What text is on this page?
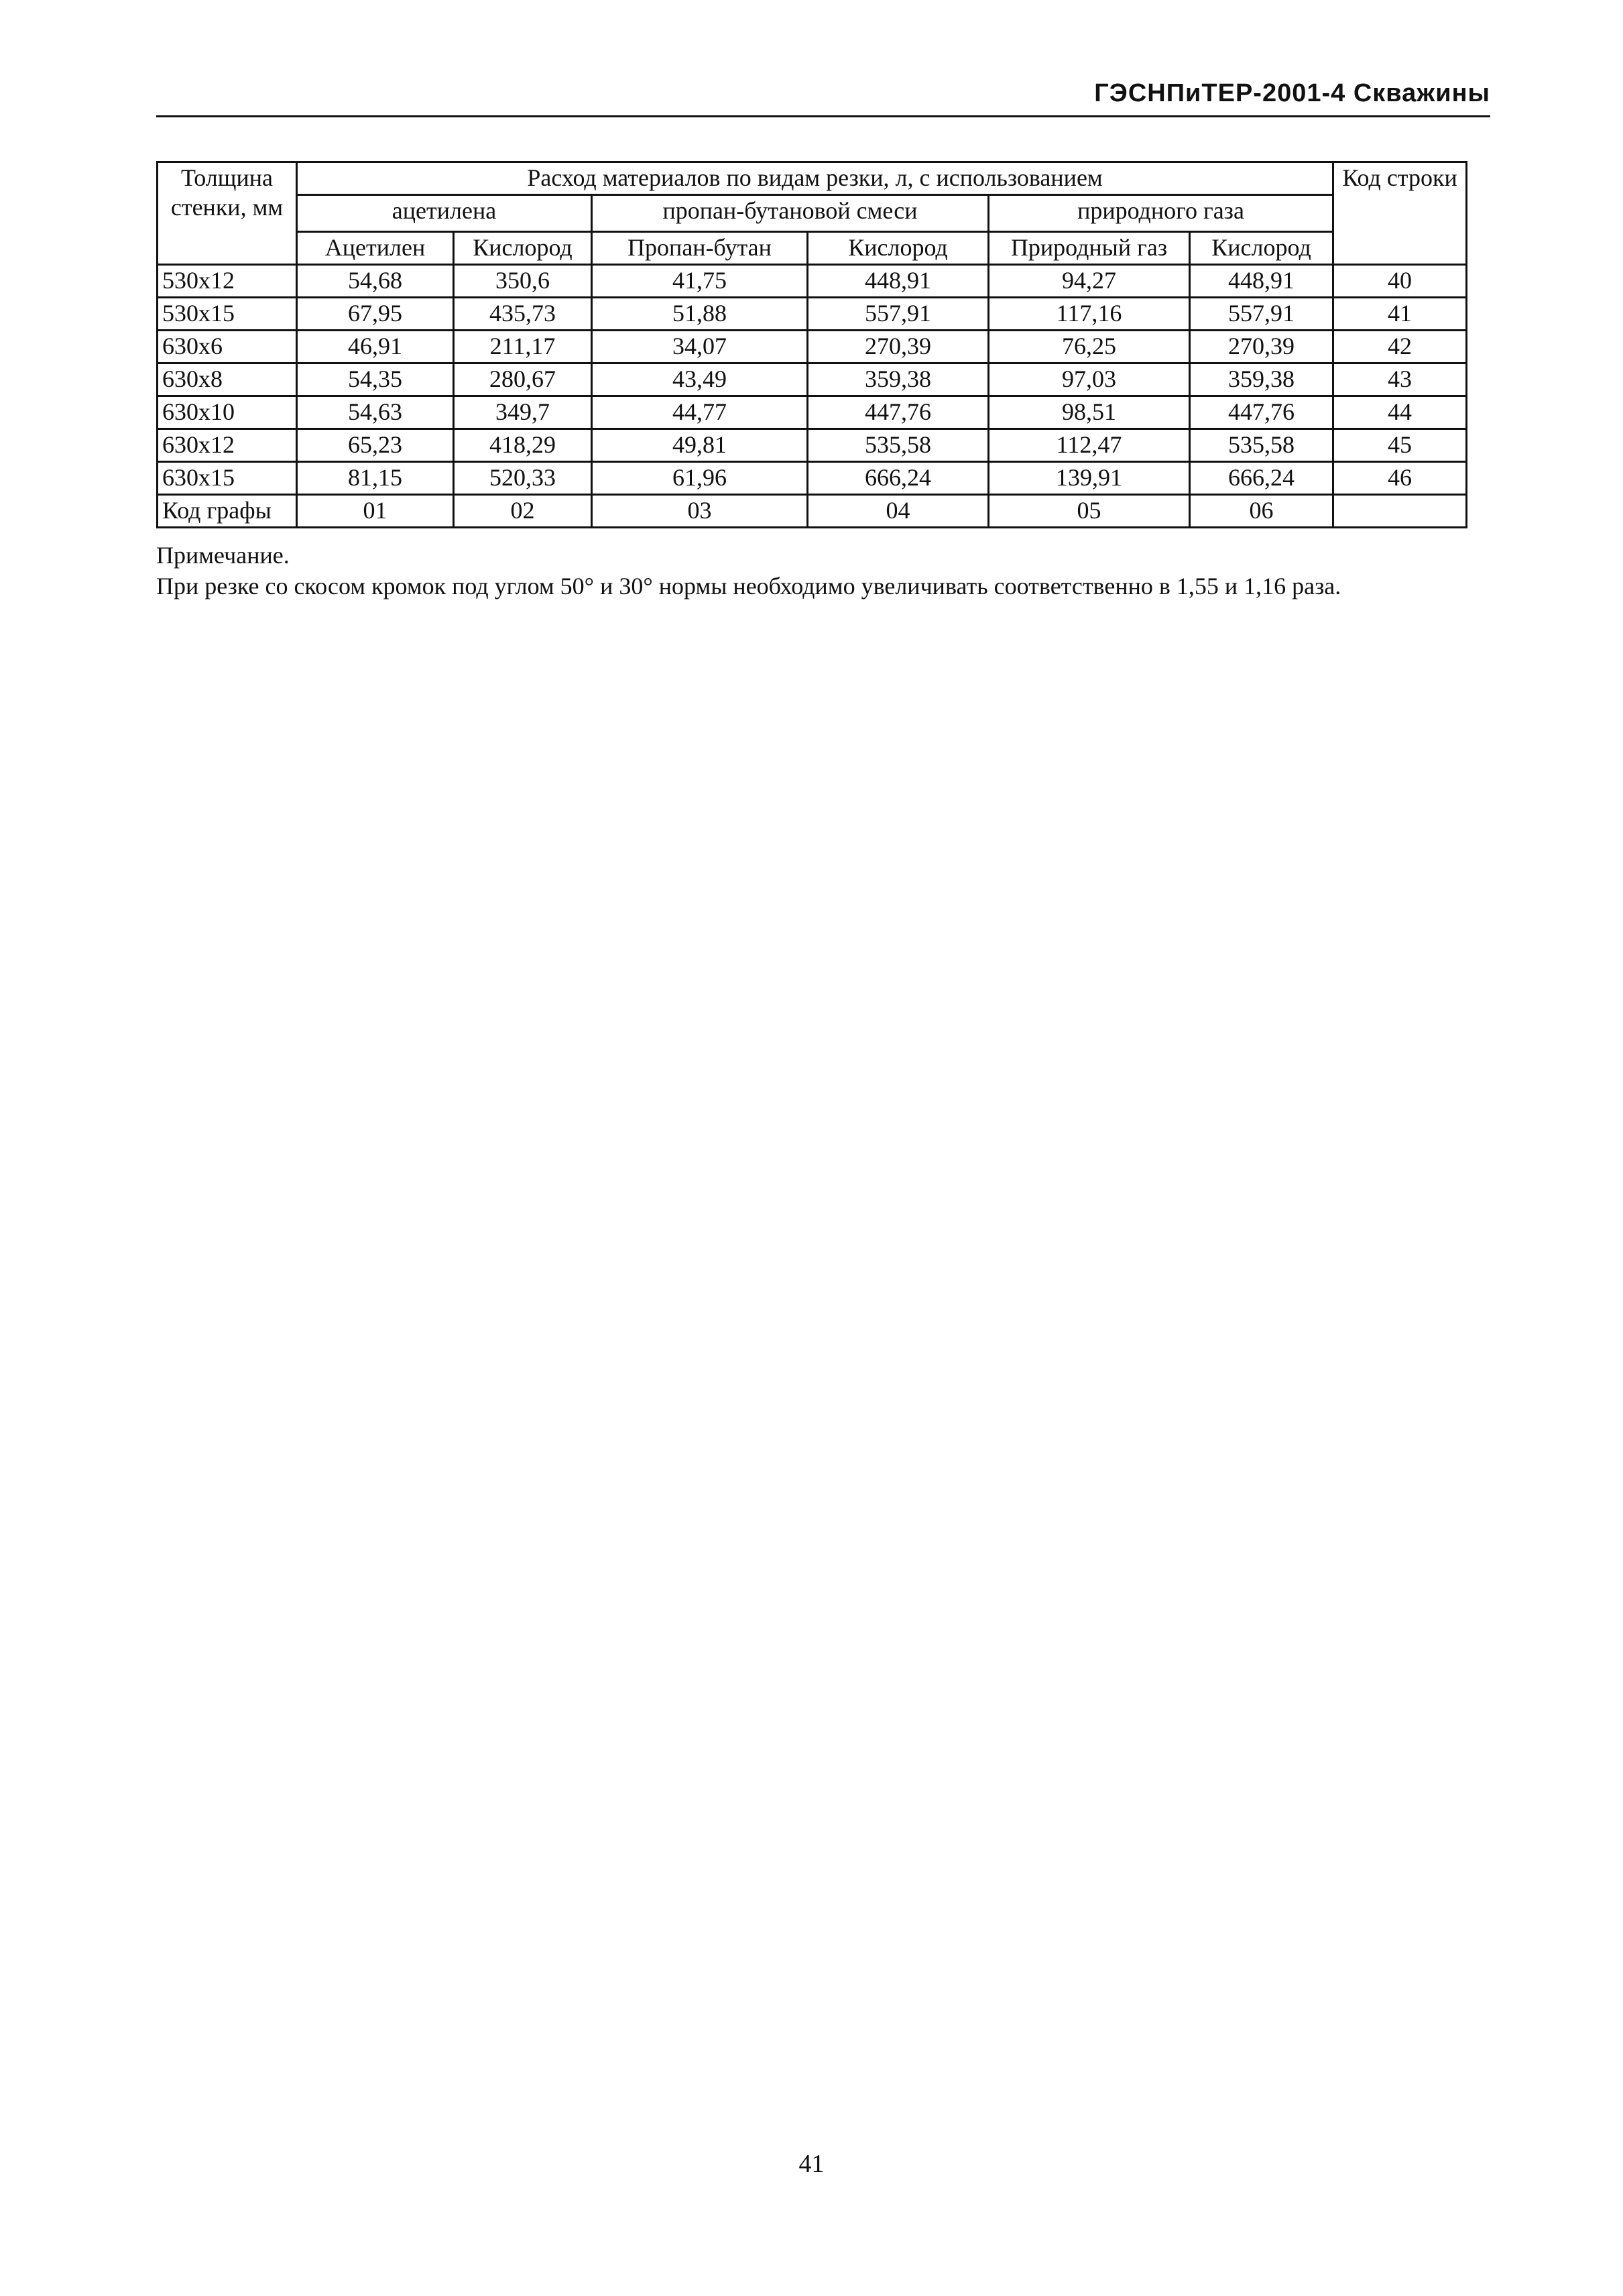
ГЭСНПиТЕР-2001-4 Скважины
Толщина стенки, мм	Расход материалов по видам резки, л, с использованием						Код строки
	ацетилена		пропан-бутановой смеси		природного газа		
	Ацетилен	Кислород	Пропан-бутан	Кислород	Природный газ	Кислород	
530x12	54,68	350,6	41,75	448,91	94,27	448,91	40
530x15	67,95	435,73	51,88	557,91	117,16	557,91	41
630x6	46,91	211,17	34,07	270,39	76,25	270,39	42
630x8	54,35	280,67	43,49	359,38	97,03	359,38	43
630x10	54,63	349,7	44,77	447,76	98,51	447,76	44
630x12	65,23	418,29	49,81	535,58	112,47	535,58	45
630x15	81,15	520,33	61,96	666,24	139,91	666,24	46
Код графы	01	02	03	04	05	06	

Примечание.

При резке со скосом кромок под углом 50° и 30° нормы необходимо увеличивать соответственно в 1,55 и 1,16 раза.

41
